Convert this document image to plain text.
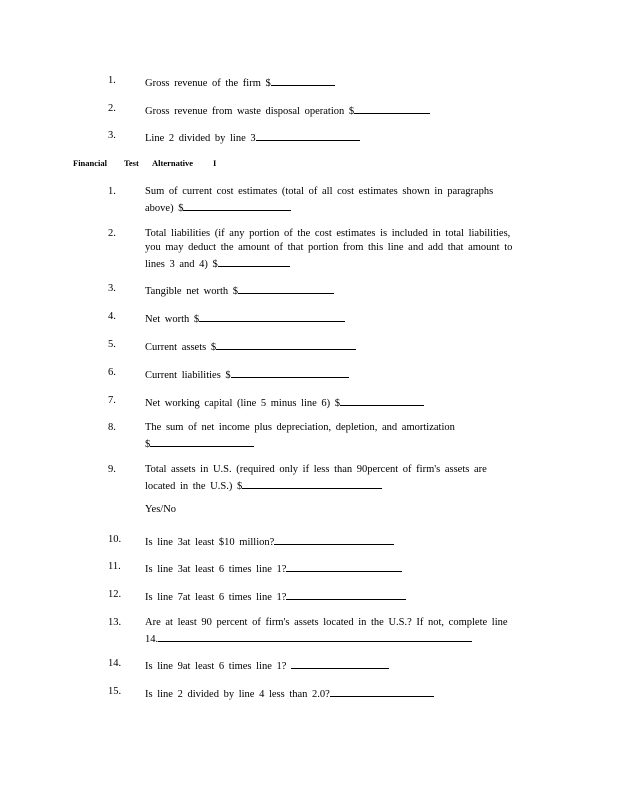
1.	Gross revenue of the firm $
2.	Gross revenue from waste disposal operation $
3.	Line 2 divided by line 3
Financial Test Alternative I
1.	Sum of current cost estimates (total of all cost estimates shown in paragraphs
above) $
2.	Total liabilities (if any portion of the cost estimates is included in total liabilities,
you may deduct the amount of that portion from this line and add that amount to
lines 3 and 4) $
3.	Tangible net worth $
4.	Net worth $
5.	Current assets $
6.	Current liabilities $
7.	Net working capital (line 5 minus line 6) $
8.	The sum of net income plus depreciation, depletion, and amortization
$
9.	Total assets in U.S. (required only if less than 90percent of firm's assets are
located in the U.S.) $
Yes/No
10.	Is line 3at least $10 million?
11.	Is line 3at least 6 times line 1?
12.	Is line 7at least 6 times line 1?
13.	Are at least 90 percent of firm's assets located in the U.S.? If not, complete line
14.
14.	Is line 9at least 6 times line 1?
15.	Is line 2 divided by line 4 less than 2.0?
